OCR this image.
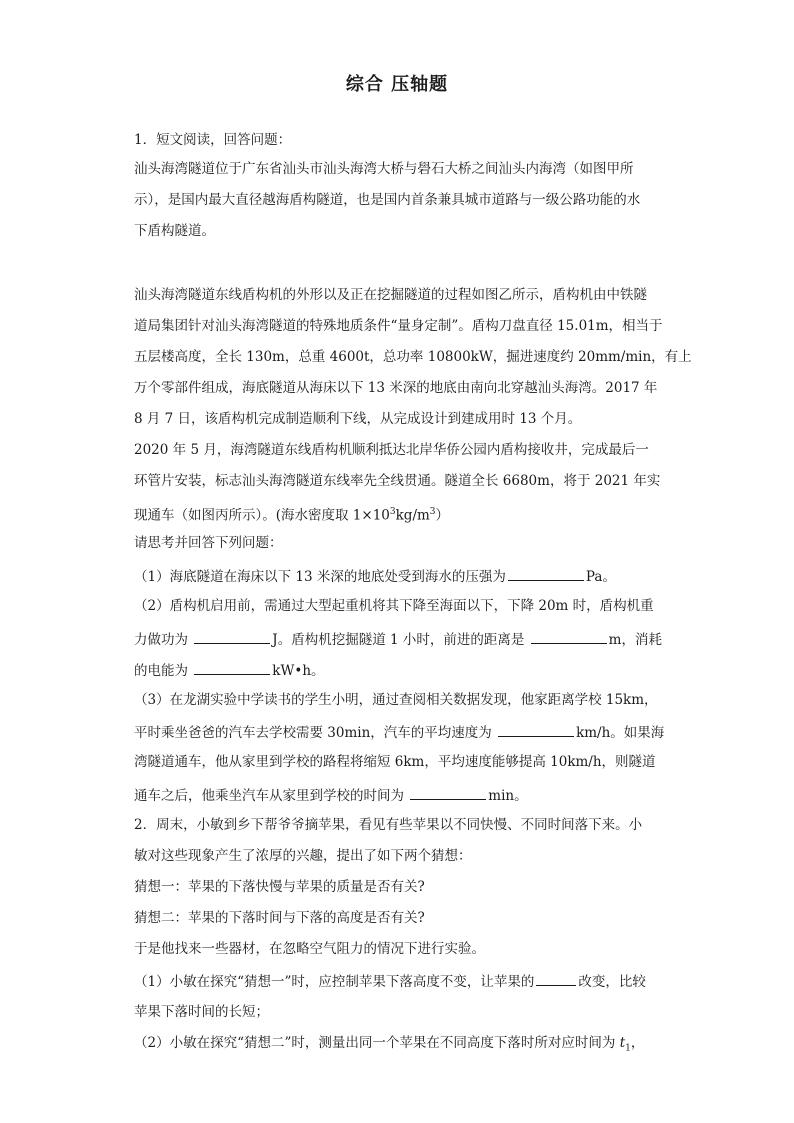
综合 压轴题
1．短文阅读，回答问题：
汕头海湾隧道位于广东省汕头市汕头海湾大桥与礐石大桥之间汕头内海湾（如图甲所
示），是国内最大直径越海盾构隧道，也是国内首条兼具城市道路与一级公路功能的水
下盾构隧道。
汕头海湾隧道东线盾构机的外形以及正在挖掘隧道的过程如图乙所示，盾构机由中铁隧
道局集团针对汕头海湾隧道的特殊地质条件“量身定制”。盾构刀盘直径 15.01m，相当于
五层楼高度，全长 130m，总重 4600t，总功率 10800kW，掘进速度约 20mm/min，有上
万个零部件组成，海底隧道从海床以下 13 米深的地底由南向北穿越汕头海湾。2017 年
8 月 7 日，该盾构机完成制造顺利下线，从完成设计到建成用时 13 个月。
2020 年 5 月，海湾隧道东线盾构机顺利抵达北岸华侨公园内盾构接收井，完成最后一
环管片安装，标志汕头海湾隧道东线率先全线贯通。隧道全长 6680m，将于 2021 年实
现通车（如图丙所示）。(海水密度取 $1\times 10^3kg/m^3$）
请思考并回答下列问题：
（1）海底隧道在海床以下 13 米深的地底处受到海水的压强为	Pa。
（2）盾构机启用前，需通过大型起重机将其下降至海面以下，下降 20m 时，盾构机重
力做功为	J。盾构机挖掘隧道 1 小时，前进的距离是	m，消耗
的电能为	kW•h。
（3）在龙湖实验中学读书的学生小明，通过查阅相关数据发现，他家距离学校 15km，
平时乘坐爸爸的汽车去学校需要 30min，汽车的平均速度为	km/h。如果海
湾隧道通车，他从家里到学校的路程将缩短 6km，平均速度能够提高 10km/h，则隧道
通车之后，他乘坐汽车从家里到学校的时间为	min。
2．周末，小敏到乡下帮爷爷摘苹果，看见有些苹果以不同快慢、不同时间落下来。小
敏对这些现象产生了浓厚的兴趣，提出了如下两个猜想：
猜想一：苹果的下落快慢与苹果的质量是否有关?
猜想二：苹果的下落时间与下落的高度是否有关?
于是他找来一些器材，在忽略空气阻力的情况下进行实验。
（1）小敏在探究“猜想一”时，应控制苹果下落高度不变，让苹果的	改变，比较
苹果下落时间的长短；
（2）小敏在探究“猜想二”时，测量出同一个苹果在不同高度下落时所对应时间为 $t_1$，
